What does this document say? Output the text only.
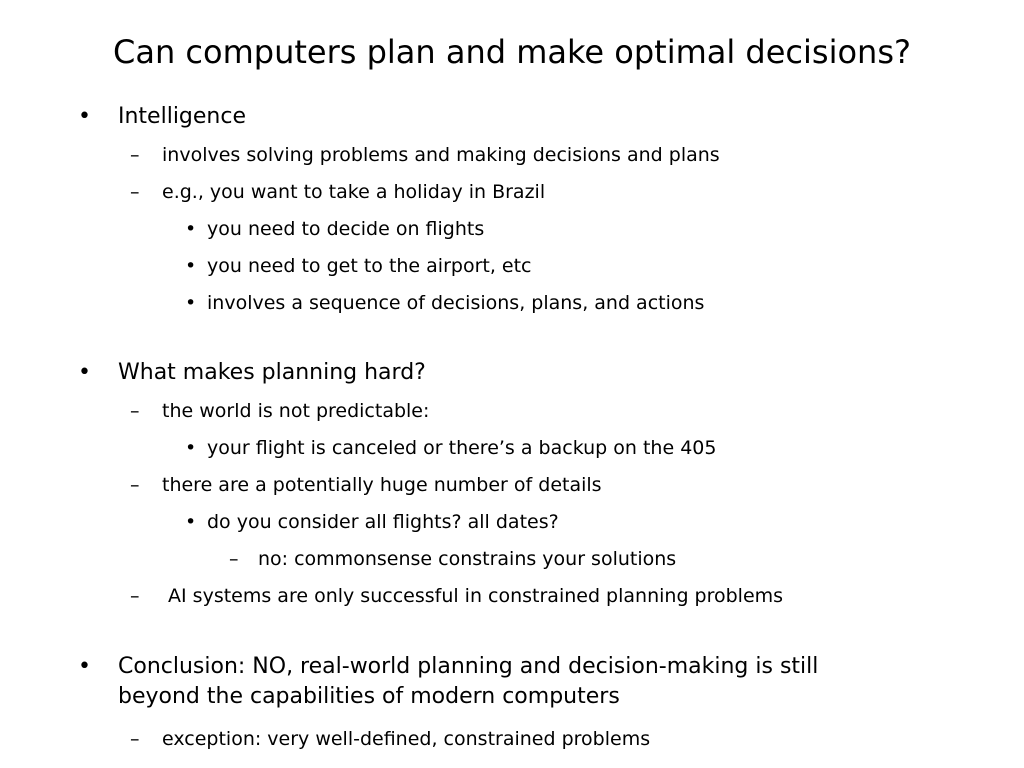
Can computers plan and make optimal decisions?
• Intelligence
– involves solving problems and making decisions and plans
– e.g., you want to take a holiday in Brazil
• you need to decide on flights
• you need to get to the airport, etc
• involves a sequence of decisions, plans, and actions
• What makes planning hard?
– the world is not predictable:
• your flight is canceled or there’s a backup on the 405
– there are a potentially huge number of details
• do you consider all flights? all dates?
– no: commonsense constrains your solutions
– AI systems are only successful in constrained planning problems
• Conclusion: NO, real-world planning and decision-making is still beyond the capabilities of modern computers
– exception: very well-defined, constrained problems
